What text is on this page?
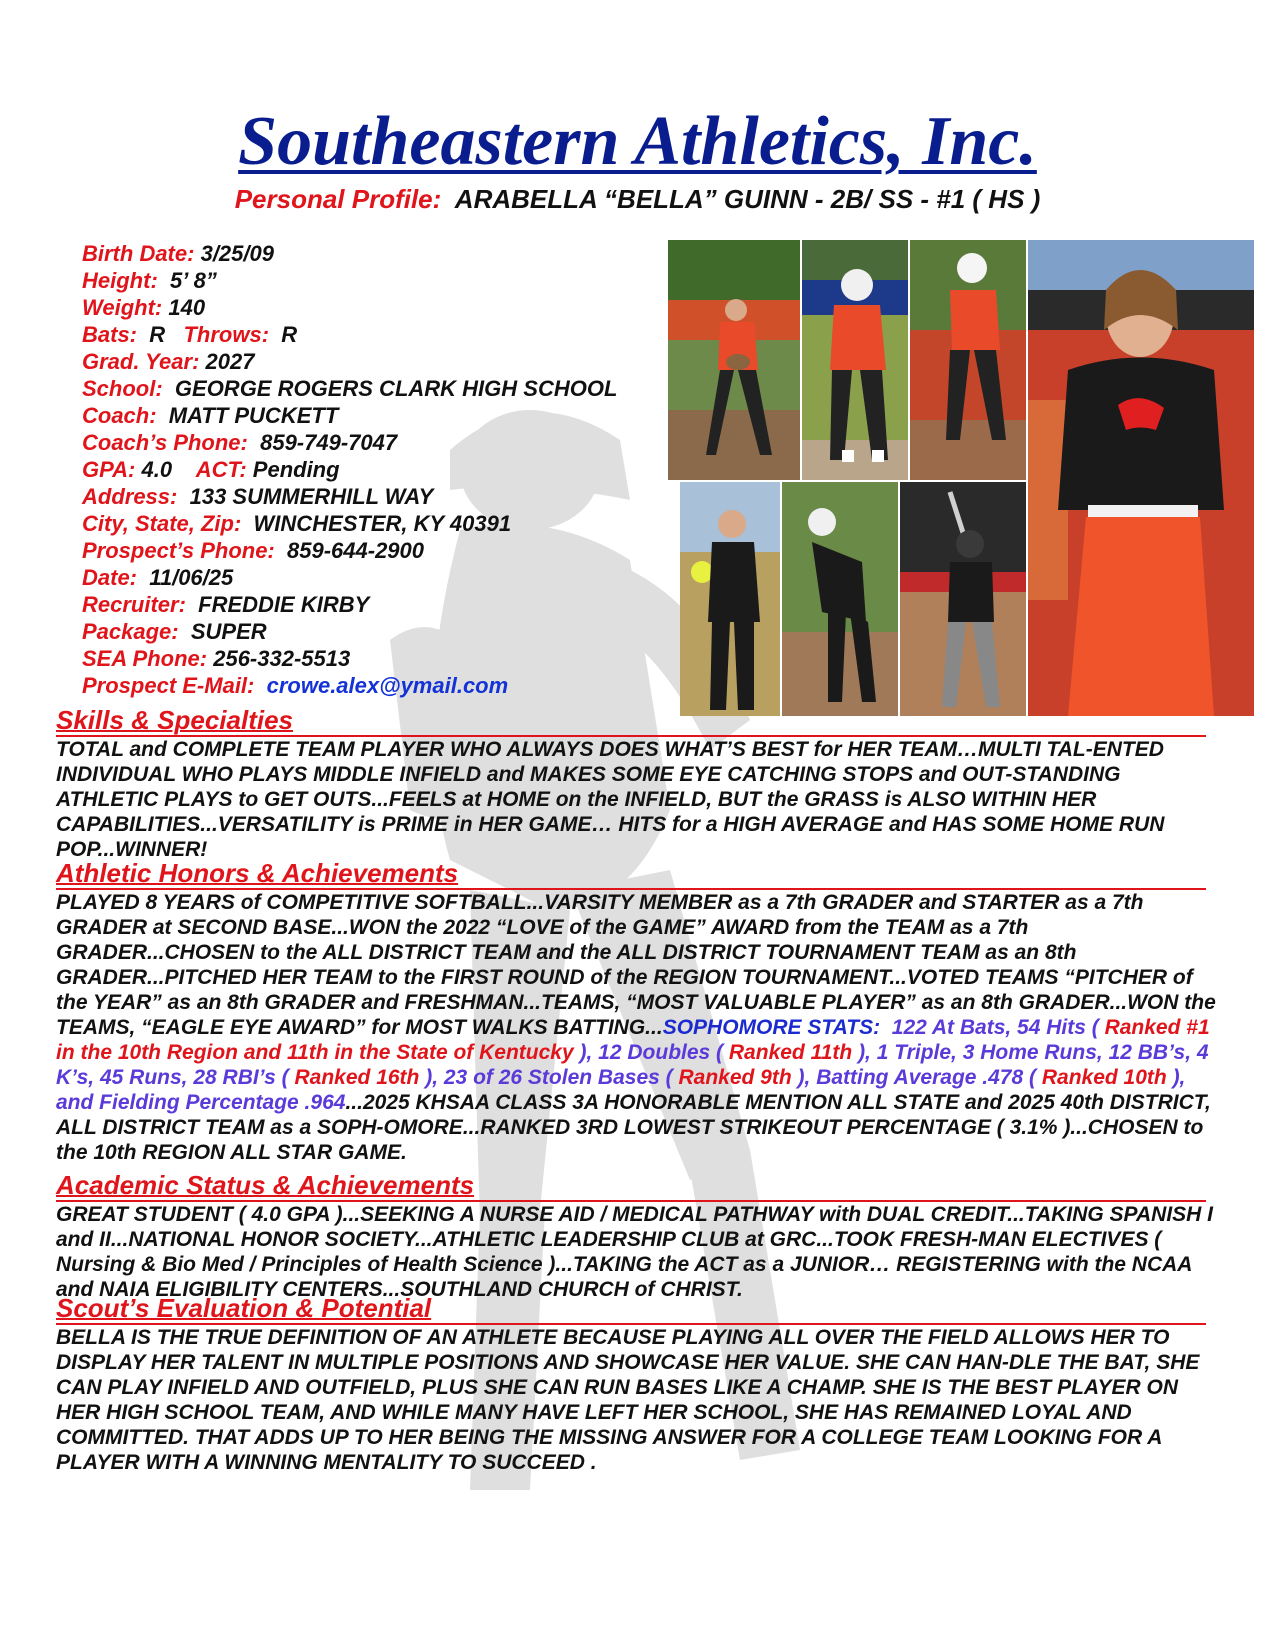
Southeastern Athletics, Inc.
Personal Profile: ARABELLA “BELLA” GUINN - 2B/ SS - #1 ( HS )
Birth Date: 3/25/09
Height: 5’ 8”
Weight: 140
Bats: R Throws: R
Grad. Year: 2027
School: GEORGE ROGERS CLARK HIGH SCHOOL
Coach: MATT PUCKETT
Coach’s Phone: 859-749-7047
GPA: 4.0 ACT: Pending
Address: 133 SUMMERHILL WAY
City, State, Zip: WINCHESTER, KY 40391
Prospect’s Phone: 859-644-2900
Date: 11/06/25
Recruiter: FREDDIE KIRBY
Package: SUPER
SEA Phone: 256-332-5513
Prospect E-Mail: crowe.alex@ymail.com
Skills & Specialties
TOTAL and COMPLETE TEAM PLAYER WHO ALWAYS DOES WHAT’S BEST for HER TEAM…MULTI TAL-ENTED INDIVIDUAL WHO PLAYS MIDDLE INFIELD and MAKES SOME EYE CATCHING STOPS and OUT-STANDING ATHLETIC PLAYS to GET OUTS...FEELS at HOME on the INFIELD, BUT the GRASS is ALSO WITHIN HER CAPABILITIES...VERSATILITY is PRIME in HER GAME… HITS for a HIGH AVERAGE and HAS SOME HOME RUN POP...WINNER!
Athletic Honors & Achievements
PLAYED 8 YEARS of COMPETITIVE SOFTBALL...VARSITY MEMBER as a 7th GRADER and STARTER as a 7th GRADER at SECOND BASE...WON the 2022 “LOVE of the GAME” AWARD from the TEAM as a 7th GRADER...CHOSEN to the ALL DISTRICT TEAM and the ALL DISTRICT TOURNAMENT TEAM as an 8th GRADER...PITCHED HER TEAM to the FIRST ROUND of the REGION TOURNAMENT...VOTED TEAMS “PITCHER of the YEAR” as an 8th GRADER and FRESHMAN...TEAMS, “MOST VALUABLE PLAYER” as an 8th GRADER...WON the TEAMS, “EAGLE EYE AWARD” for MOST WALKS BATTING...SOPHOMORE STATS: 122 At Bats, 54 Hits ( Ranked #1 in the 10th Region and 11th in the State of Kentucky ), 12 Doubles ( Ranked 11th ), 1 Triple, 3 Home Runs, 12 BB’s, 4 K’s, 45 Runs, 28 RBI’s ( Ranked 16th ), 23 of 26 Stolen Bases ( Ranked 9th ), Batting Average .478 ( Ranked 10th ), and Fielding Percentage .964...2025 KHSAA CLASS 3A HONORABLE MENTION ALL STATE and 2025 40th DISTRICT, ALL DISTRICT TEAM as a SOPH-OMORE...RANKED 3RD LOWEST STRIKEOUT PERCENTAGE ( 3.1% )...CHOSEN to the 10th REGION ALL STAR GAME.
Academic Status & Achievements
GREAT STUDENT ( 4.0 GPA )...SEEKING A NURSE AID / MEDICAL PATHWAY with DUAL CREDIT...TAKING SPANISH I and II...NATIONAL HONOR SOCIETY...ATHLETIC LEADERSHIP CLUB at GRC...TOOK FRESH-MAN ELECTIVES ( Nursing & Bio Med / Principles of Health Science )...TAKING the ACT as a JUNIOR… REGISTERING with the NCAA and NAIA ELIGIBILITY CENTERS...SOUTHLAND CHURCH of CHRIST.
Scout’s Evaluation & Potential
BELLA IS THE TRUE DEFINITION OF AN ATHLETE BECAUSE PLAYING ALL OVER THE FIELD ALLOWS HER TO DISPLAY HER TALENT IN MULTIPLE POSITIONS AND SHOWCASE HER VALUE. SHE CAN HAN-DLE THE BAT, SHE CAN PLAY INFIELD AND OUTFIELD, PLUS SHE CAN RUN BASES LIKE A CHAMP. SHE IS THE BEST PLAYER ON HER HIGH SCHOOL TEAM, AND WHILE MANY HAVE LEFT HER SCHOOL, SHE HAS REMAINED LOYAL AND COMMITTED. THAT ADDS UP TO HER BEING THE MISSING ANSWER FOR A COLLEGE TEAM LOOKING FOR A PLAYER WITH A WINNING MENTALITY TO SUCCEED .
